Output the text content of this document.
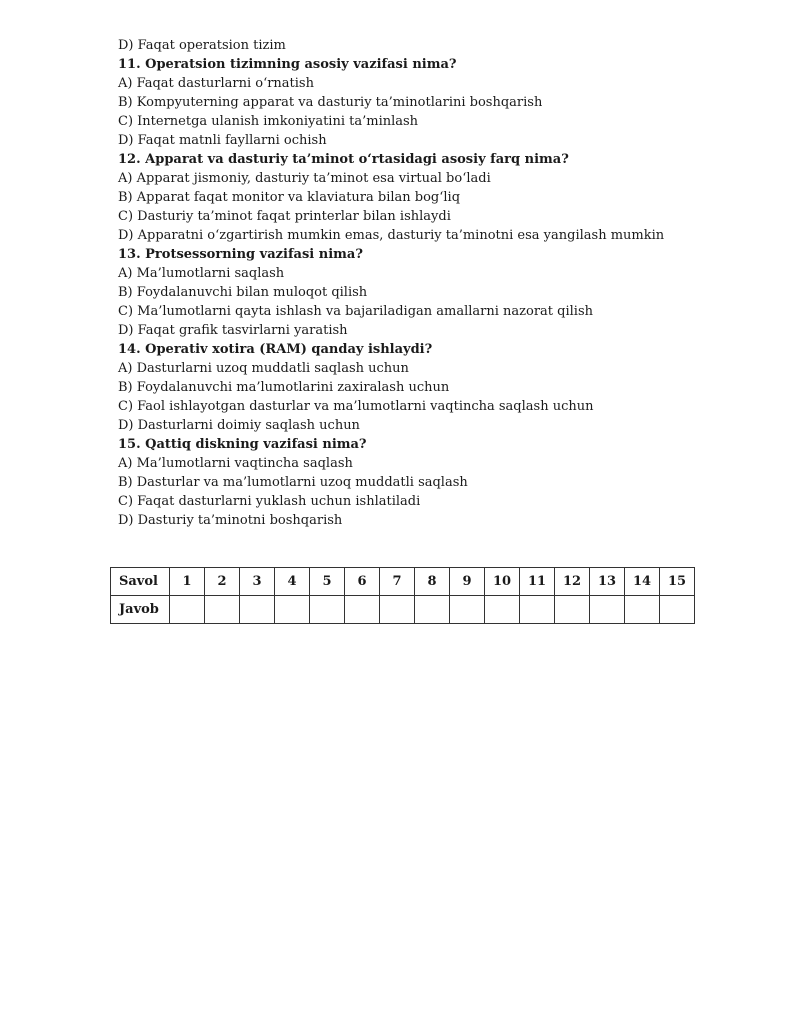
D) Faqat operatsion tizim
11. Operatsion tizimning asosiy vazifasi nima?
A) Faqat dasturlarni o‘rnatish
B) Kompyuterning apparat va dasturiy ta’minotlarini boshqarish
C) Internetga ulanish imkoniyatini ta’minlash
D) Faqat matnli fayllarni ochish
12. Apparat va dasturiy ta’minot o‘rtasidagi asosiy farq nima?
A) Apparat jismoniy, dasturiy ta’minot esa virtual bo‘ladi
B) Apparat faqat monitor va klaviatura bilan bog‘liq
C) Dasturiy ta’minot faqat printerlar bilan ishlaydi
D) Apparatni o‘zgartirish mumkin emas, dasturiy ta’minotni esa yangilash mumkin
13. Protsessorning vazifasi nima?
A) Ma’lumotlarni saqlash
B) Foydalanuvchi bilan muloqot qilish
C) Ma’lumotlarni qayta ishlash va bajariladigan amallarni nazorat qilish
D) Faqat grafik tasvirlarni yaratish
14. Operativ xotira (RAM) qanday ishlaydi?
A) Dasturlarni uzoq muddatli saqlash uchun
B) Foydalanuvchi ma’lumotlarini zaxiralash uchun
C) Faol ishlayotgan dasturlar va ma’lumotlarni vaqtincha saqlash uchun
D) Dasturlarni doimiy saqlash uchun
15. Qattiq diskning vazifasi nima?
A) Ma’lumotlarni vaqtincha saqlash
B) Dasturlar va ma’lumotlarni uzoq muddatli saqlash
C) Faqat dasturlarni yuklash uchun ishlatiladi
D) Dasturiy ta’minotni boshqarish
Savol	1	2	3	4	5	6	7	8	9	10	11	12	13	14	15
Javob															
